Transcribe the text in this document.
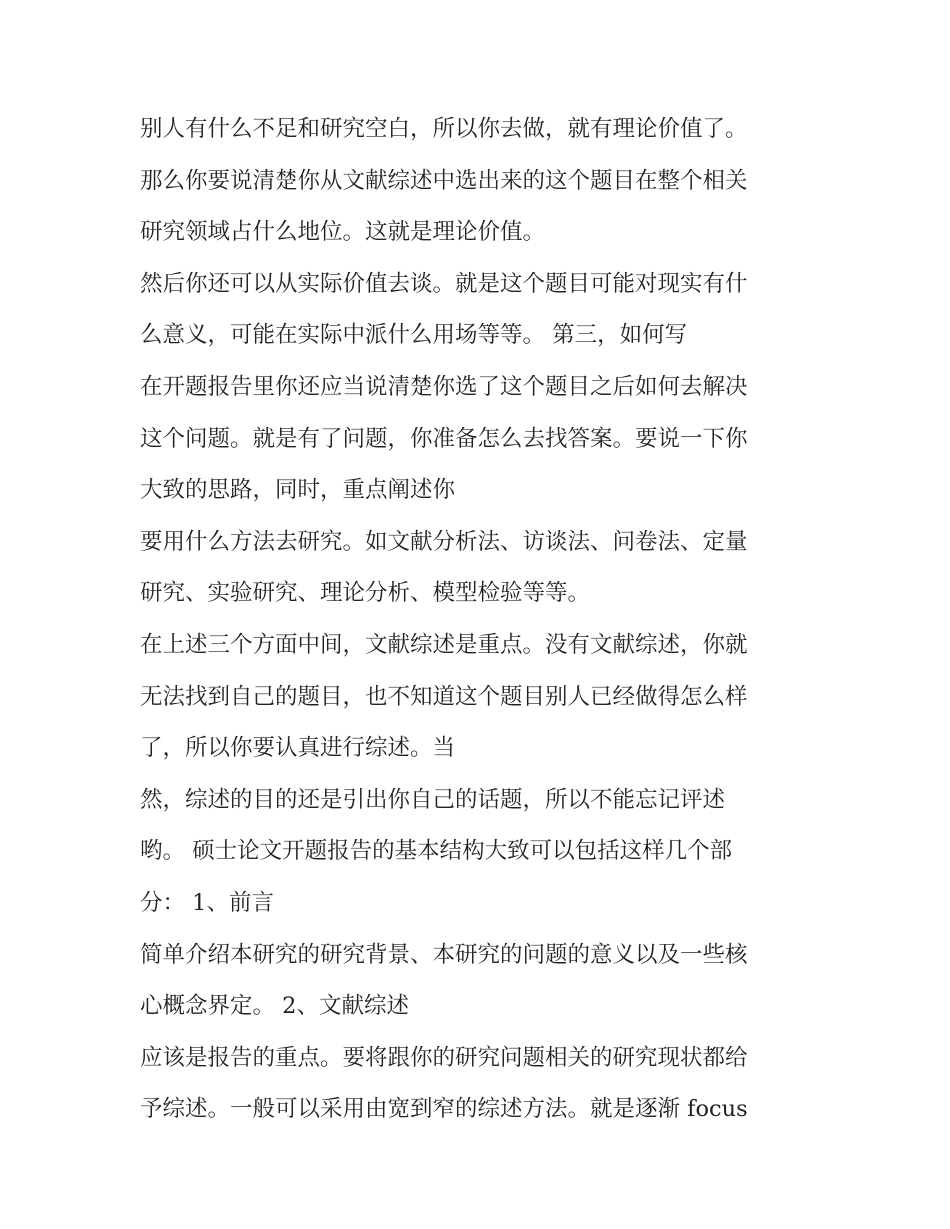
别人有什么不足和研究空白，所以你去做，就有理论价值了。
那么你要说清楚你从文献综述中选出来的这个题目在整个相关
研究领域占什么地位。这就是理论价值。
然后你还可以从实际价值去谈。就是这个题目可能对现实有什
么意义，可能在实际中派什么用场等等。 第三，如何写
在开题报告里你还应当说清楚你选了这个题目之后如何去解决
这个问题。就是有了问题，你准备怎么去找答案。要说一下你
大致的思路，同时，重点阐述你
要用什么方法去研究。如文献分析法、访谈法、问卷法、定量
研究、实验研究、理论分析、模型检验等等。
在上述三个方面中间，文献综述是重点。没有文献综述，你就
无法找到自己的题目，也不知道这个题目别人已经做得怎么样
了，所以你要认真进行综述。当
然，综述的目的还是引出你自己的话题，所以不能忘记评述
哟。 硕士论文开题报告的基本结构大致可以包括这样几个部
分： 1、前言
简单介绍本研究的研究背景、本研究的问题的意义以及一些核
心概念界定。 2、文献综述
应该是报告的重点。要将跟你的研究问题相关的研究现状都给
予综述。一般可以采用由宽到窄的综述方法。就是逐渐 focus
